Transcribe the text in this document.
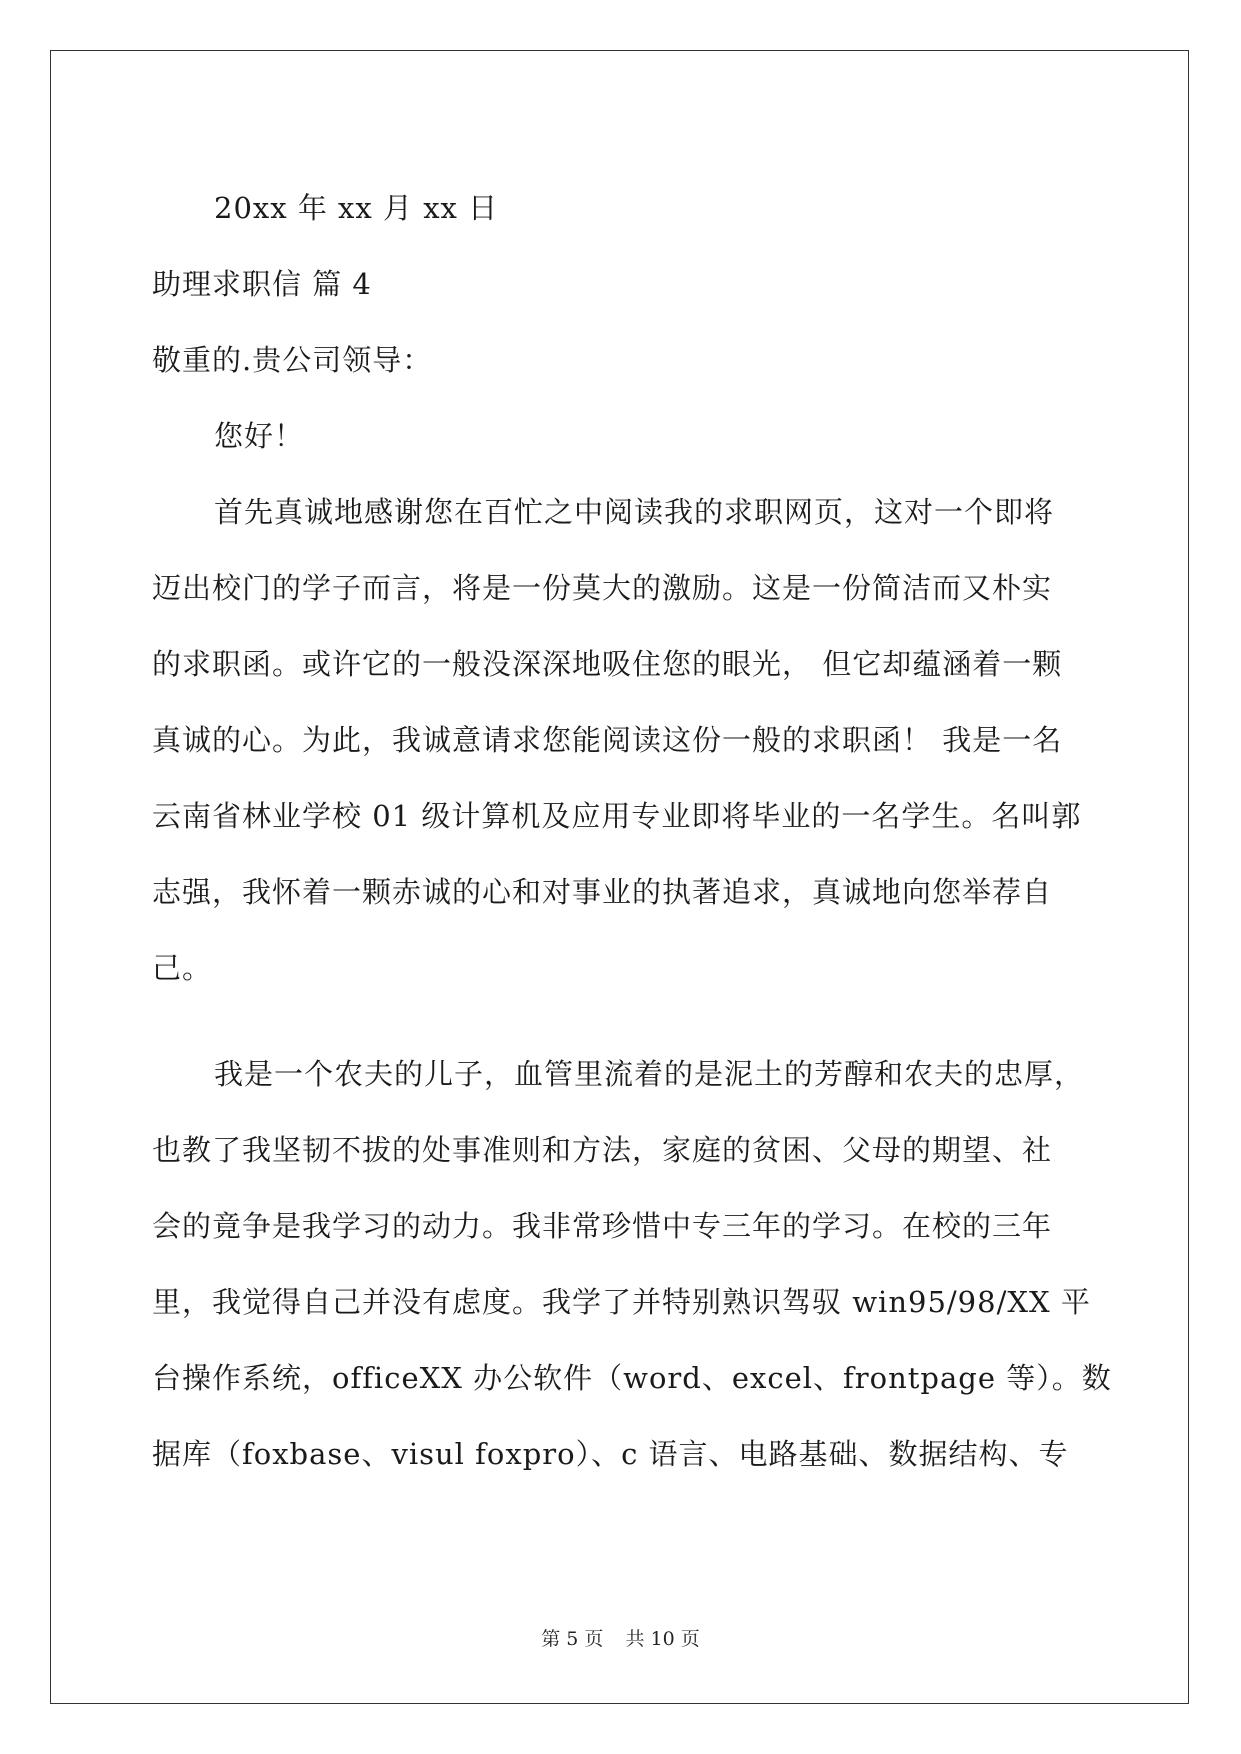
20xx 年 xx 月 xx 日
助理求职信 篇 4
敬重的.贵公司领导：
您好！
首先真诚地感谢您在百忙之中阅读我的求职网页，这对一个即将
迈出校门的学子而言，将是一份莫大的激励。这是一份简洁而又朴实
的求职函。或许它的一般没深深地吸住您的眼光， 但它却蕴涵着一颗
真诚的心。为此，我诚意请求您能阅读这份一般的求职函！ 我是一名
云南省林业学校 01 级计算机及应用专业即将毕业的一名学生。名叫郭
志强，我怀着一颗赤诚的心和对事业的执著追求，真诚地向您举荐自
己。
我是一个农夫的儿子，血管里流着的是泥土的芳醇和农夫的忠厚，
也教了我坚韧不拔的处事准则和方法，家庭的贫困、父母的期望、社
会的竟争是我学习的动力。我非常珍惜中专三年的学习。在校的三年
里，我觉得自己并没有虑度。我学了并特别熟识驾驭 win95/98/XX 平
台操作系统，officeXX 办公软件（word、excel、frontpage 等）。数
据库（foxbase、visul foxpro）、c 语言、电路基础、数据结构、专
第 5 页 共 10 页
